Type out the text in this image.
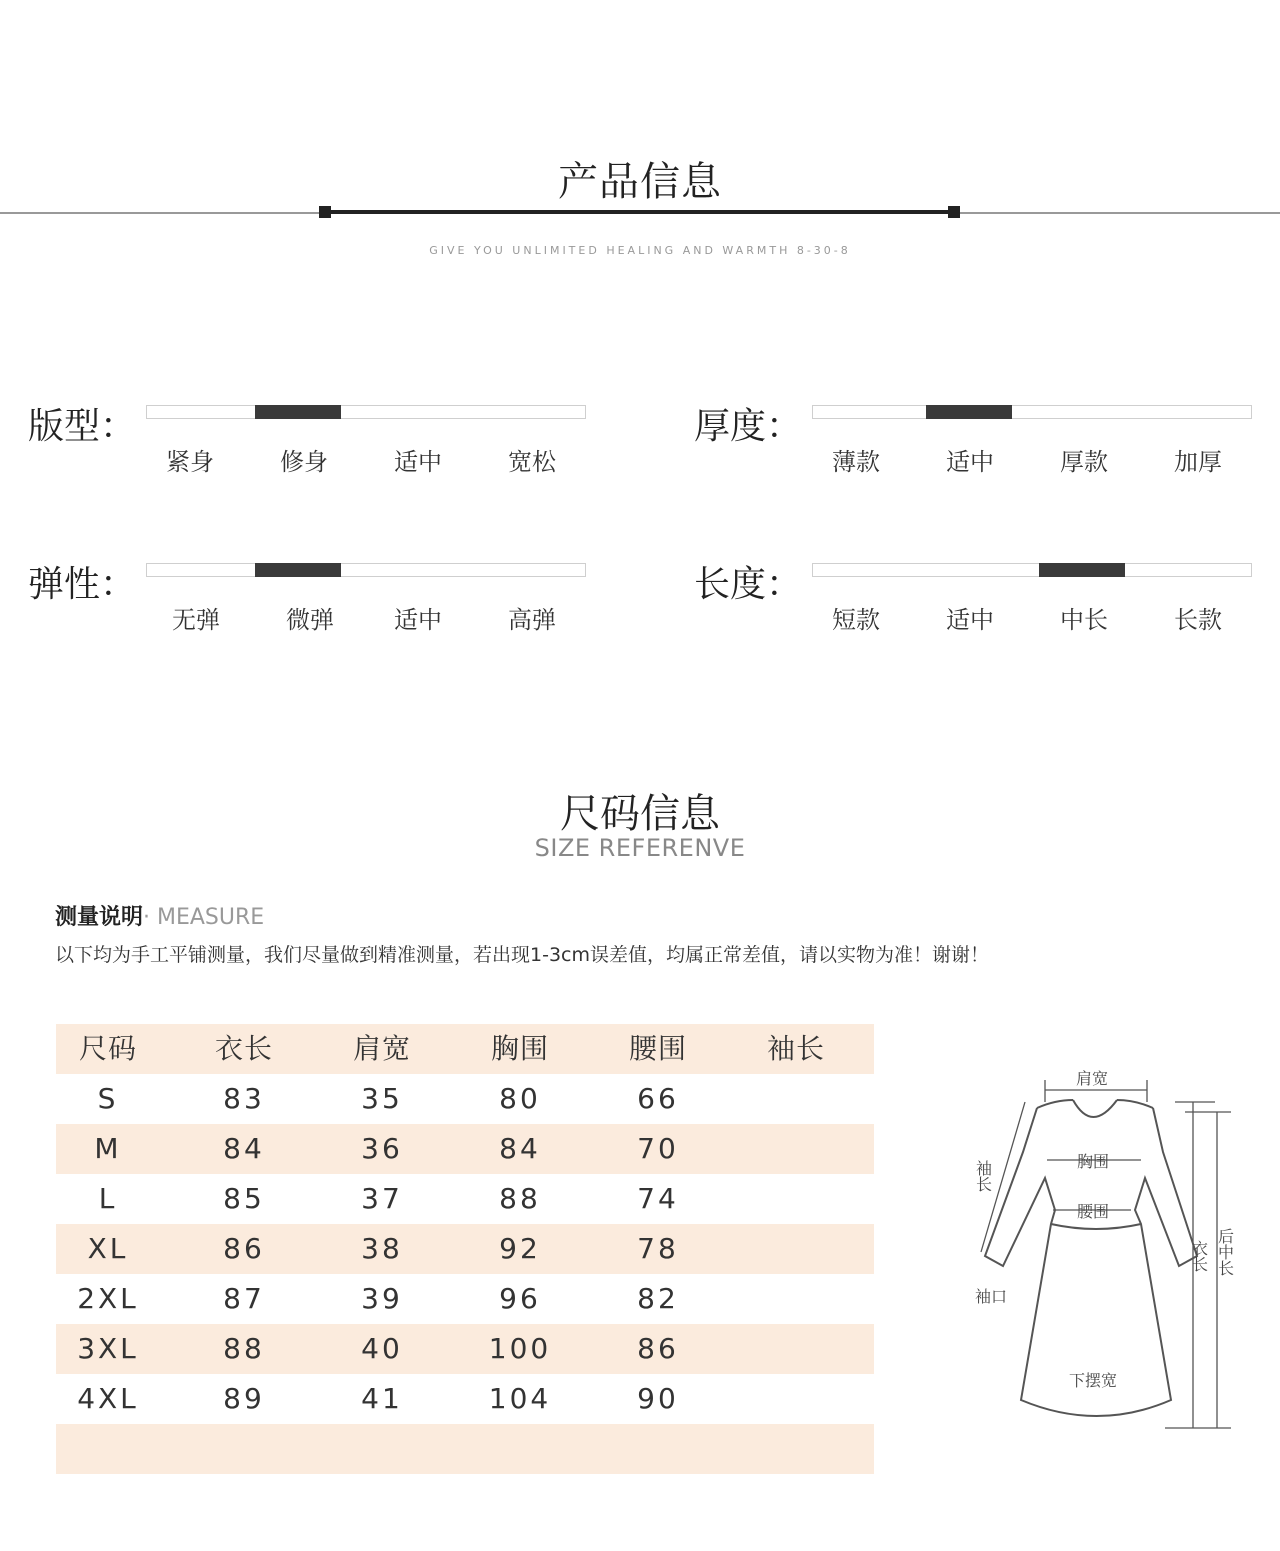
产品信息
GIVE YOU UNLIMITED HEALING AND WARMTH 8-30-8
版型：
紧身	修身	适中	宽松
厚度：
薄款	适中	厚款	加厚
弹性：
无弹	微弹	适中	高弹
长度：
短款	适中	中长	长款
尺码信息
SIZE REFERENVE
测量说明· MEASURE
以下均为手工平铺测量，我们尽量做到精准测量，若出现1-3cm误差值，均属正常差值，请以实物为准！谢谢！
尺码	衣长	肩宽	胸围	腰围	袖长
S	83	35	80	66
M	84	36	84	70
L	85	37	88	74
XL	86	38	92	78
2XL	87	39	96	82
3XL	88	40	100	86
4XL	89	41	104	90
肩宽
胸围
腰围
袖长
袖口
下摆宽
衣长 后中长
